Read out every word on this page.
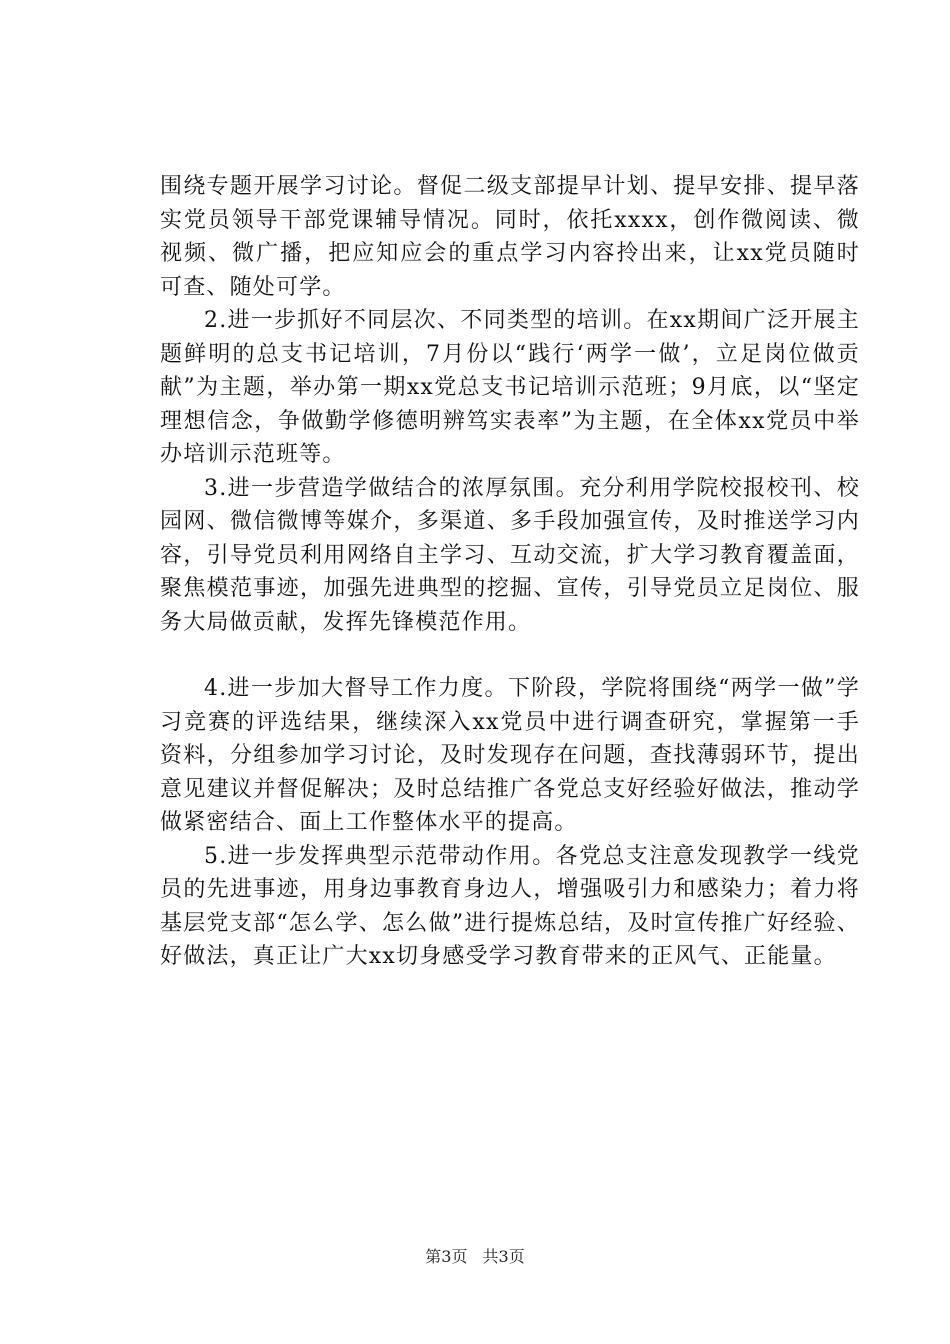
围绕专题开展学习讨论。督促二级支部提早计划、提早安排、提早落实党员领导干部党课辅导情况。同时，依托xxxx，创作微阅读、微视频、微广播，把应知应会的重点学习内容拎出来，让xx党员随时可查、随处可学。

2.进一步抓好不同层次、不同类型的培训。在xx期间广泛开展主题鲜明的总支书记培训，7月份以“践行‘两学一做’，立足岗位做贡献”为主题，举办第一期xx党总支书记培训示范班；9月底，以“坚定理想信念，争做勤学修德明辨笃实表率”为主题，在全体xx党员中举办培训示范班等。

3.进一步营造学做结合的浓厚氛围。充分利用学院校报校刊、校园网、微信微博等媒介，多渠道、多手段加强宣传，及时推送学习内容，引导党员利用网络自主学习、互动交流，扩大学习教育覆盖面，聚焦模范事迹，加强先进典型的挖掘、宣传，引导党员立足岗位、服务大局做贡献，发挥先锋模范作用。

4.进一步加大督导工作力度。下阶段，学院将围绕“两学一做”学习竞赛的评选结果，继续深入xx党员中进行调查研究，掌握第一手资料，分组参加学习讨论，及时发现存在问题，查找薄弱环节，提出意见建议并督促解决；及时总结推广各党总支好经验好做法，推动学做紧密结合、面上工作整体水平的提高。

5.进一步发挥典型示范带动作用。各党总支注意发现教学一线党员的先进事迹，用身边事教育身边人，增强吸引力和感染力；着力将基层党支部“怎么学、怎么做”进行提炼总结，及时宣传推广好经验、好做法，真正让广大xx切身感受学习教育带来的正风气、正能量。

第3页 共3页
